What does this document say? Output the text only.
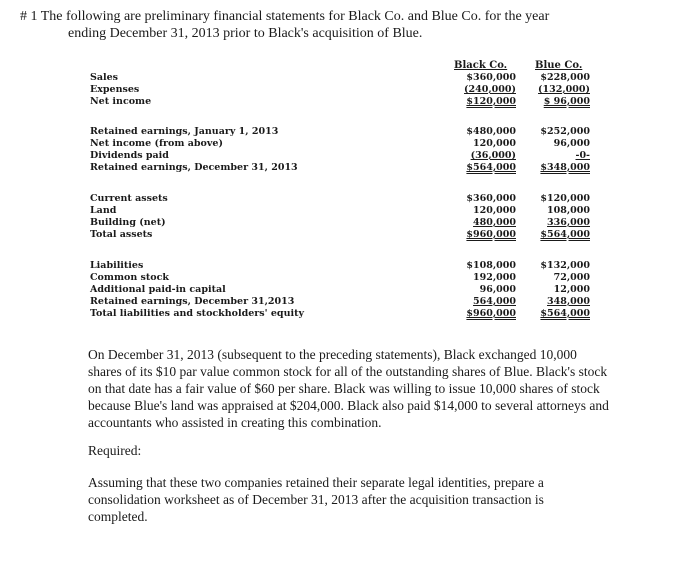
# 1 The following are preliminary financial statements for Black Co. and Blue Co. for the year
ending December 31, 2013 prior to Black's acquisition of Blue.
Black Co.	Blue Co.
Sales	$360,000	$228,000
Expenses	(240,000)	(132,000)
Net income	$120,000	$ 96,000
Retained earnings, January 1, 2013	$480,000	$252,000
Net income (from above)	120,000	96,000
Dividends paid	(36,000)	-0-
Retained earnings, December 31, 2013	$564,000	$348,000
Current assets	$360,000	$120,000
Land	120,000	108,000
Building (net)	480,000	336,000
Total assets	$960,000	$564,000
Liabilities	$108,000	$132,000
Common stock	192,000	72,000
Additional paid-in capital	96,000	12,000
Retained earnings, December 31,2013	564,000	348,000
Total liabilities and stockholders' equity	$960,000	$564,000
On December 31, 2013 (subsequent to the preceding statements), Black exchanged 10,000 shares of its $10 par value common stock for all of the outstanding shares of Blue. Black's stock on that date has a fair value of $60 per share. Black was willing to issue 10,000 shares of stock because Blue's land was appraised at $204,000. Black also paid $14,000 to several attorneys and accountants who assisted in creating this combination.
Required:
Assuming that these two companies retained their separate legal identities, prepare a consolidation worksheet as of December 31, 2013 after the acquisition transaction is completed.
